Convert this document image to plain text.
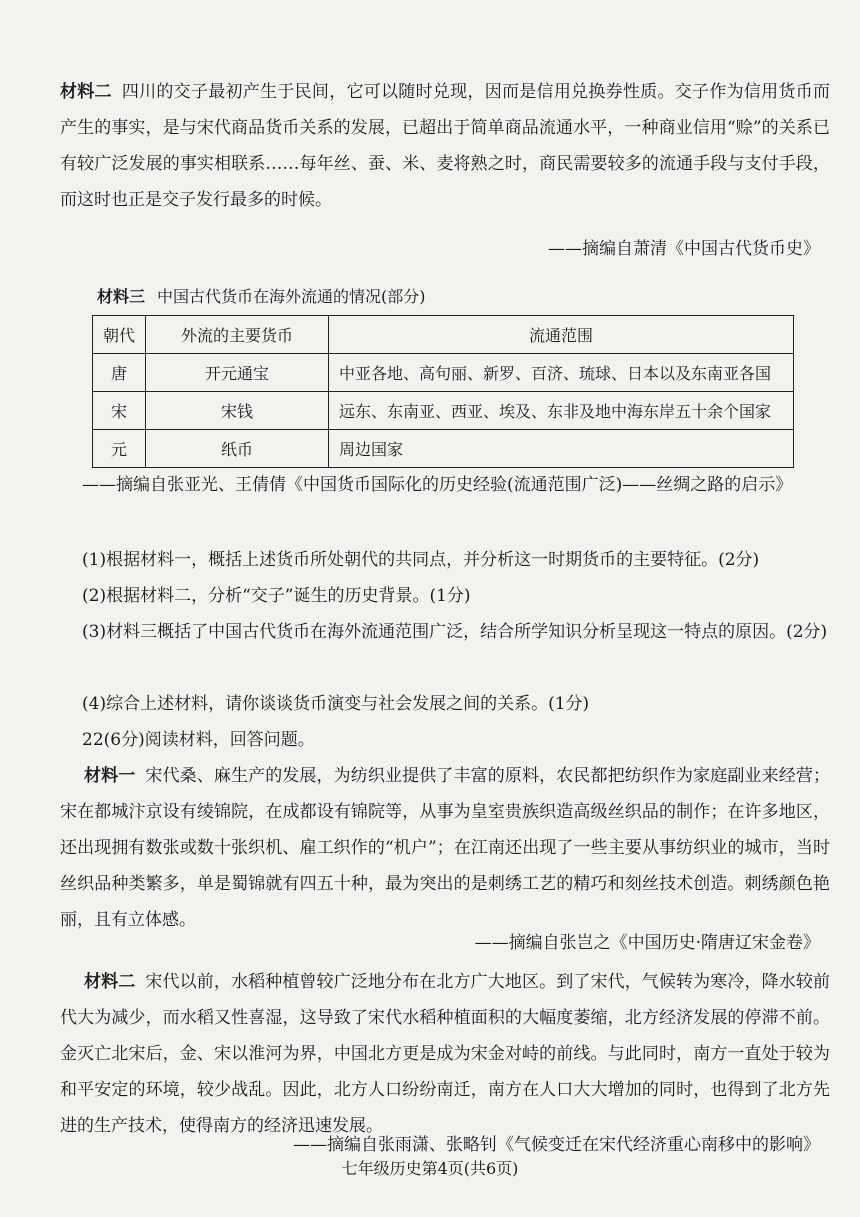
材料二 四川的交子最初产生于民间，它可以随时兑现，因而是信用兑换券性质。交子作为信用货币而产生的事实，是与宋代商品货币关系的发展，已超出于简单商品流通水平，一种商业信用“赊”的关系已有较广泛发展的事实相联系……每年丝、蚕、米、麦将熟之时，商民需要较多的流通手段与支付手段，而这时也正是交子发行最多的时候。
——摘编自萧清《中国古代货币史》
材料三 中国古代货币在海外流通的情况(部分)
朝代	外流的主要货币	流通范围
唐	开元通宝	中亚各地、高句丽、新罗、百济、琉球、日本以及东南亚各国
宋	宋钱	远东、东南亚、西亚、埃及、东非及地中海东岸五十余个国家
元	纸币	周边国家
——摘编自张亚光、王倩倩《中国货币国际化的历史经验(流通范围广泛)——丝绸之路的启示》
(1)根据材料一，概括上述货币所处朝代的共同点，并分析这一时期货币的主要特征。(2分)
(2)根据材料二，分析“交子”诞生的历史背景。(1分)
(3)材料三概括了中国古代货币在海外流通范围广泛，结合所学知识分析呈现这一特点的原因。(2分)
(4)综合上述材料，请你谈谈货币演变与社会发展之间的关系。(1分)
22(6分)阅读材料，回答问题。
材料一 宋代桑、麻生产的发展，为纺织业提供了丰富的原料，农民都把纺织作为家庭副业来经营；宋在都城汴京设有绫锦院，在成都设有锦院等，从事为皇室贵族织造高级丝织品的制作；在许多地区，还出现拥有数张或数十张织机、雇工织作的“机户”；在江南还出现了一些主要从事纺织业的城市，当时丝织品种类繁多，单是蜀锦就有四五十种，最为突出的是刺绣工艺的精巧和刻丝技术创造。刺绣颜色艳丽，且有立体感。
——摘编自张岂之《中国历史·隋唐辽宋金卷》
材料二 宋代以前，水稻种植曾较广泛地分布在北方广大地区。到了宋代，气候转为寒冷，降水较前代大为减少，而水稻又性喜湿，这导致了宋代水稻种植面积的大幅度萎缩，北方经济发展的停滞不前。金灭亡北宋后，金、宋以淮河为界，中国北方更是成为宋金对峙的前线。与此同时，南方一直处于较为和平安定的环境，较少战乱。因此，北方人口纷纷南迁，南方在人口大大增加的同时，也得到了北方先进的生产技术，使得南方的经济迅速发展。
——摘编自张雨潇、张略钊《气候变迁在宋代经济重心南移中的影响》
七年级历史第4页(共6页)
